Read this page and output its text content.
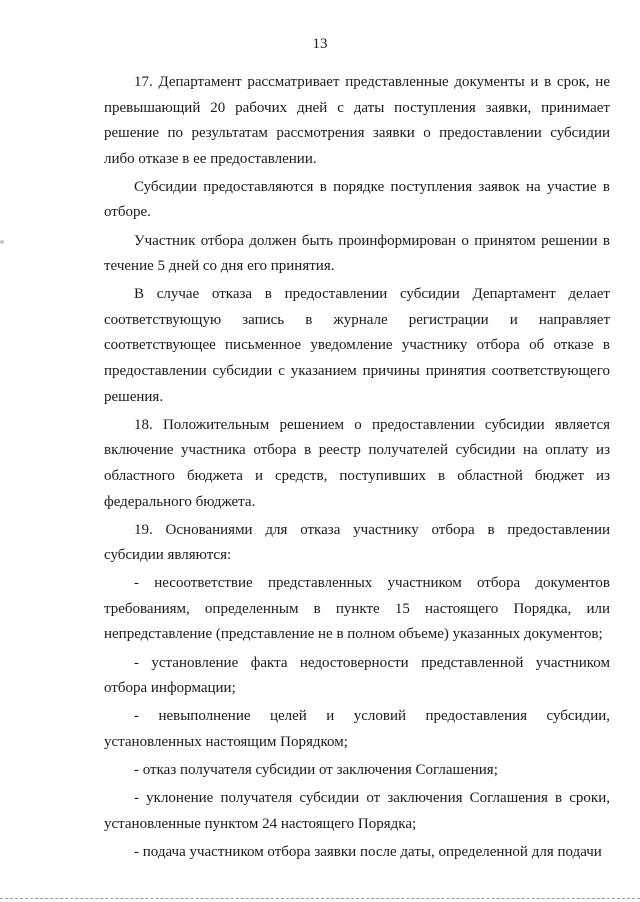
13

17. Департамент рассматривает представленные документы и в срок, не превышающий 20 рабочих дней с даты поступления заявки, принимает решение по результатам рассмотрения заявки о предоставлении субсидии либо отказе в ее предоставлении.

Субсидии предоставляются в порядке поступления заявок на участие в отборе.

Участник отбора должен быть проинформирован о принятом решении в течение 5 дней со дня его принятия.

В случае отказа в предоставлении субсидии Департамент делает соответствующую запись в журнале регистрации и направляет соответствующее письменное уведомление участнику отбора об отказе в предоставлении субсидии с указанием причины принятия соответствующего решения.

18. Положительным решением о предоставлении субсидии является включение участника отбора в реестр получателей субсидии на оплату из областного бюджета и средств, поступивших в областной бюджет из федерального бюджета.

19. Основаниями для отказа участнику отбора в предоставлении субсидии являются:

- несоответствие представленных участником отбора документов требованиям, определенным в пункте 15 настоящего Порядка, или непредставление (представление не в полном объеме) указанных документов;

- установление факта недостоверности представленной участником отбора информации;

- невыполнение целей и условий предоставления субсидии, установленных настоящим Порядком;

- отказ получателя субсидии от заключения Соглашения;

- уклонение получателя субсидии от заключения Соглашения в сроки, установленные пунктом 24 настоящего Порядка;

- подача участником отбора заявки после даты, определенной для подачи
